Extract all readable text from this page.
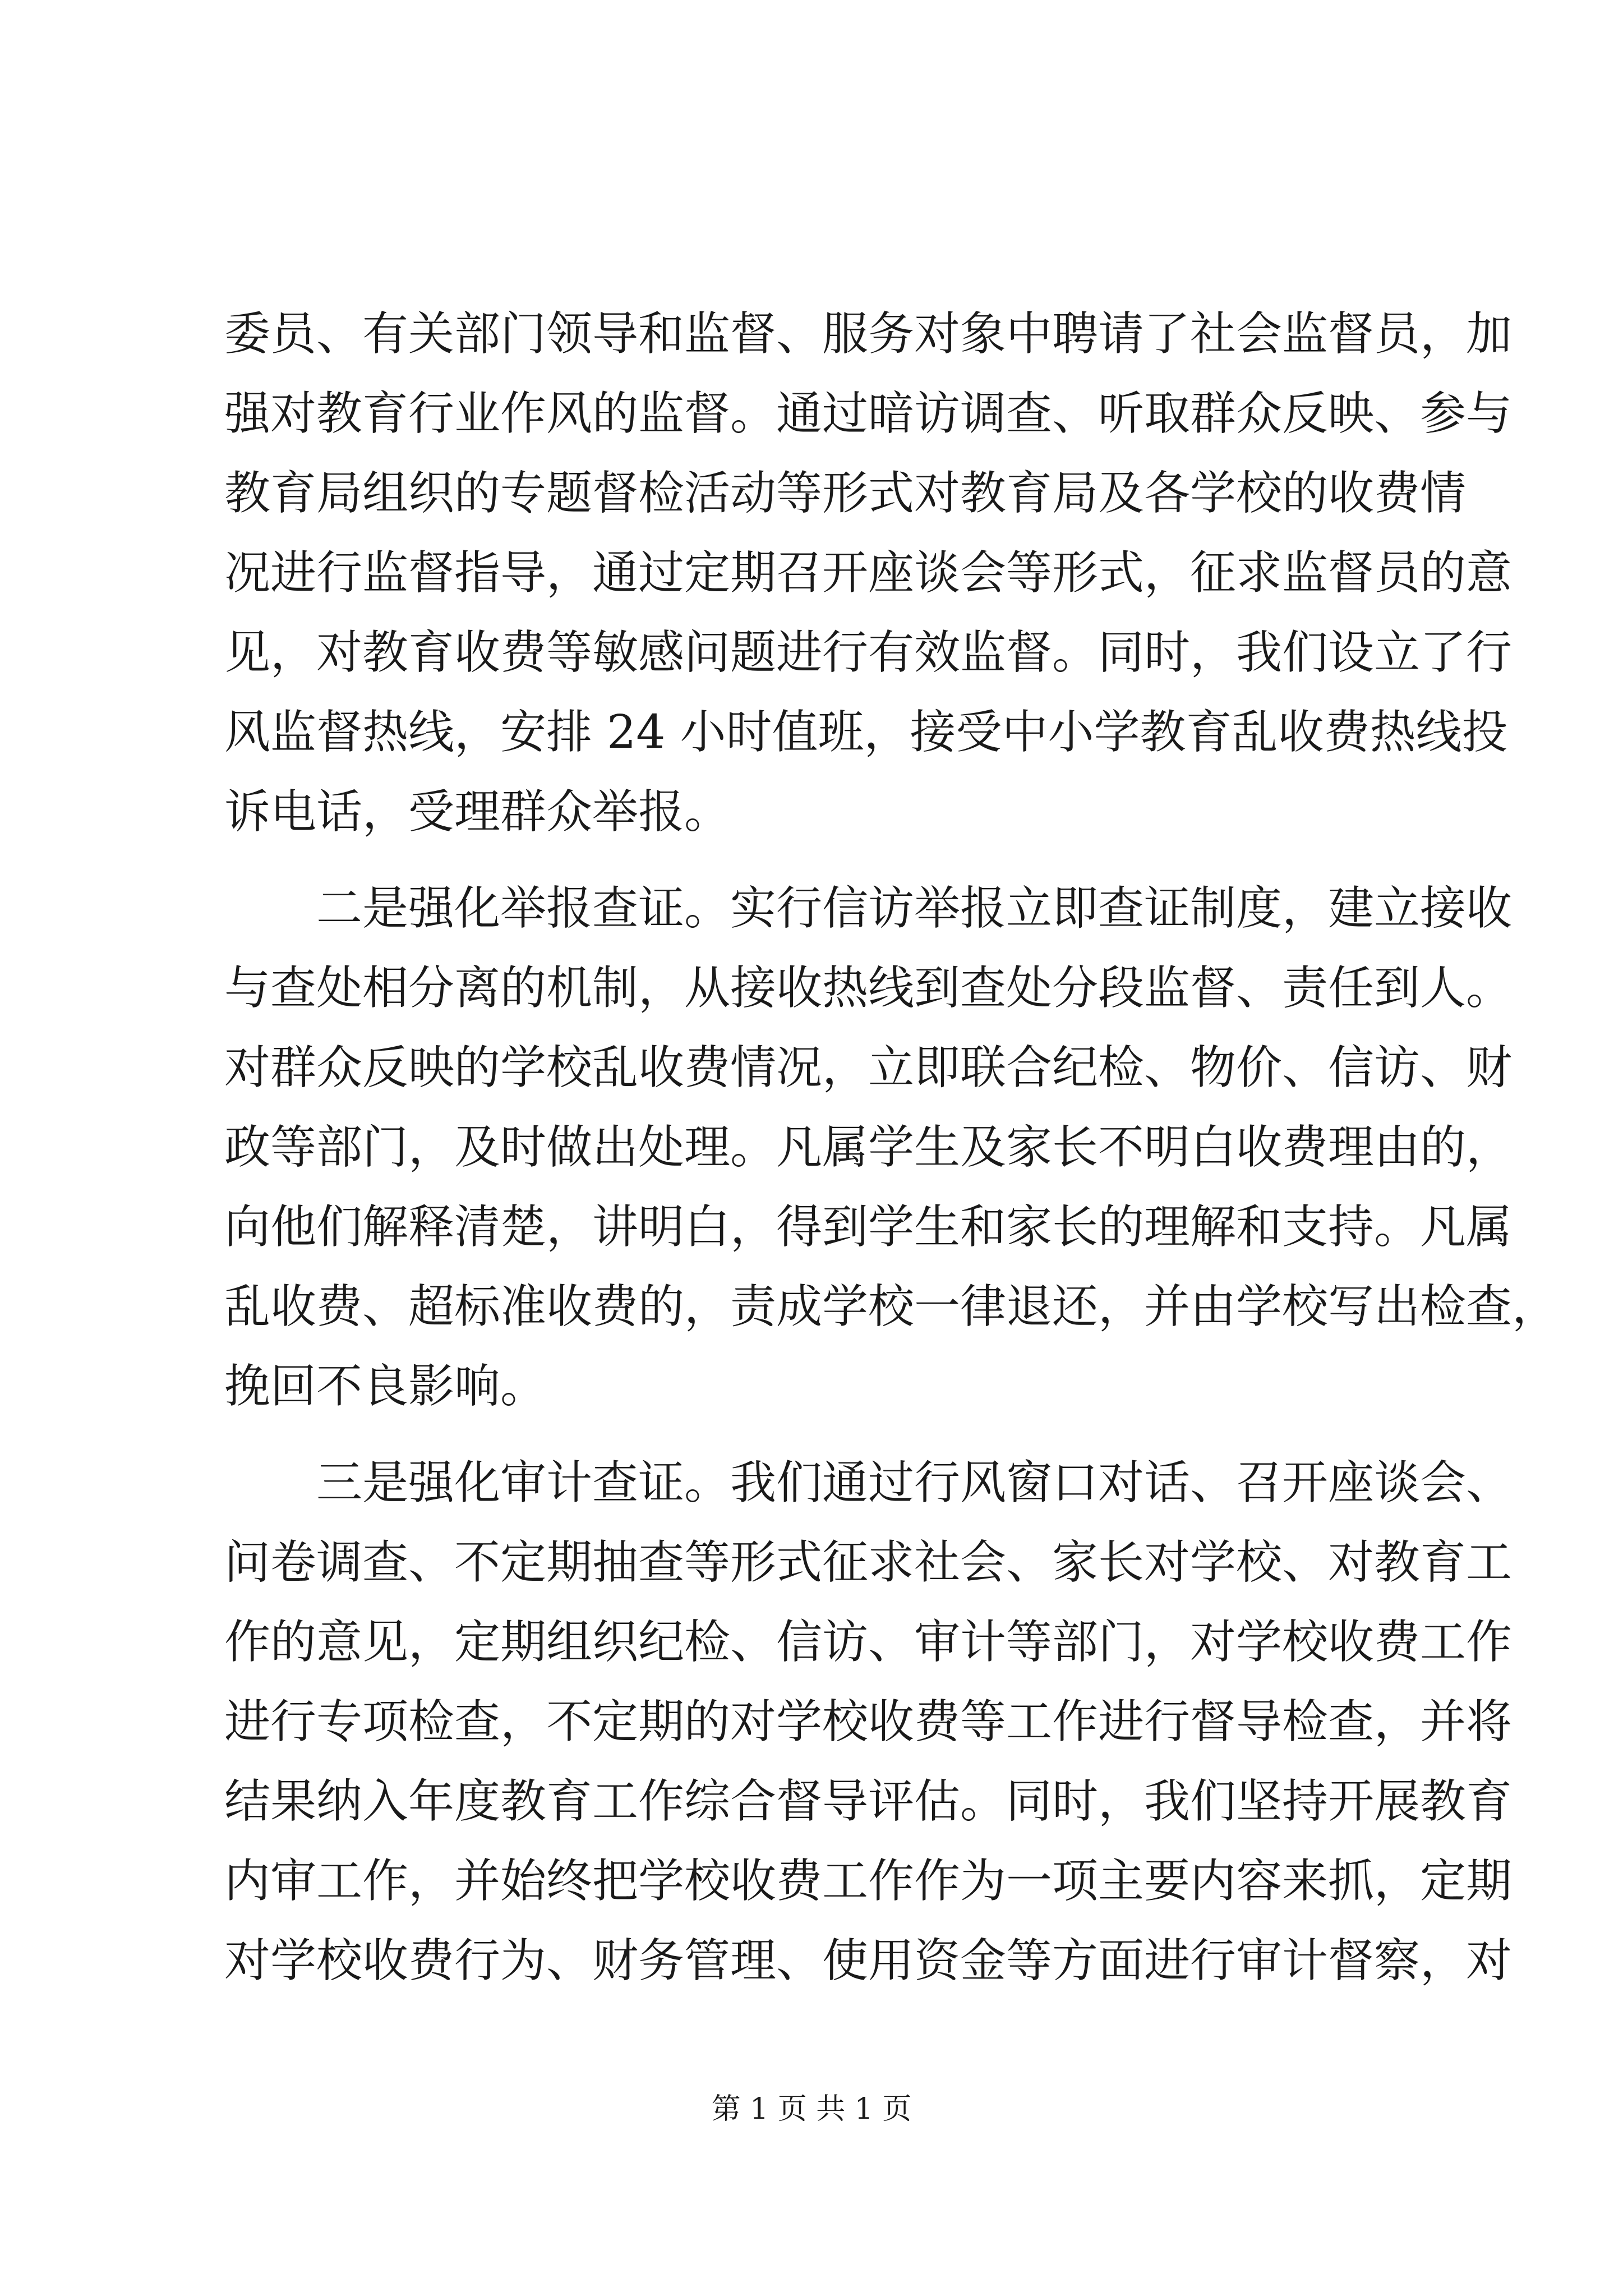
委员、有关部门领导和监督、服务对象中聘请了社会监督员，加
强对教育行业作风的监督。通过暗访调查、听取群众反映、参与
教育局组织的专题督检活动等形式对教育局及各学校的收费情
况进行监督指导，通过定期召开座谈会等形式，征求监督员的意
见，对教育收费等敏感问题进行有效监督。同时，我们设立了行
风监督热线，安排 24 小时值班，接受中小学教育乱收费热线投
诉电话，受理群众举报。
二是强化举报查证。实行信访举报立即查证制度，建立接收
与查处相分离的机制，从接收热线到查处分段监督、责任到人。
对群众反映的学校乱收费情况，立即联合纪检、物价、信访、财
政等部门，及时做出处理。凡属学生及家长不明白收费理由的，
向他们解释清楚，讲明白，得到学生和家长的理解和支持。凡属
乱收费、超标准收费的，责成学校一律退还，并由学校写出检查，
挽回不良影响。
三是强化审计查证。我们通过行风窗口对话、召开座谈会、
问卷调查、不定期抽查等形式征求社会、家长对学校、对教育工
作的意见，定期组织纪检、信访、审计等部门，对学校收费工作
进行专项检查，不定期的对学校收费等工作进行督导检查，并将
结果纳入年度教育工作综合督导评估。同时，我们坚持开展教育
内审工作，并始终把学校收费工作作为一项主要内容来抓，定期
对学校收费行为、财务管理、使用资金等方面进行审计督察，对
第 1 页 共 1 页
